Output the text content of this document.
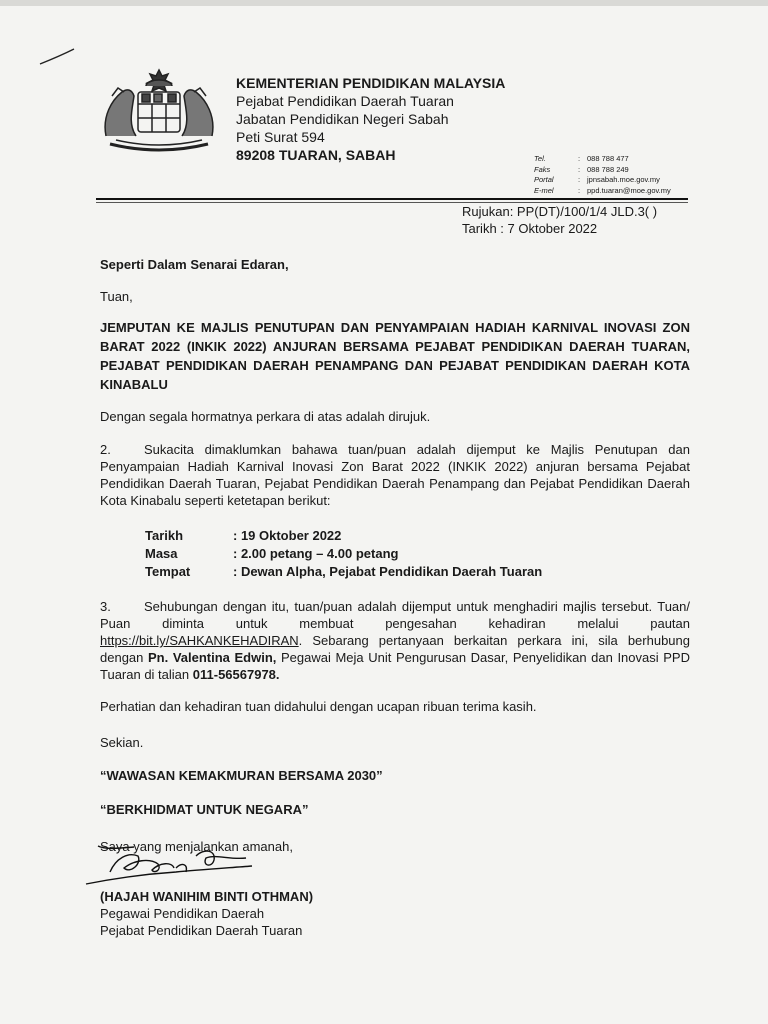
KEMENTERIAN PENDIDIKAN MALAYSIA
Pejabat Pendidikan Daerah Tuaran
Jabatan Pendidikan Negeri Sabah
Peti Surat 594
89208 TUARAN, SABAH	Tel.	: 088 788 477
Faks	: 088 788 249
Portal	: jpnsabah.moe.gov.my
E-mel	: ppd.tuaran@moe.gov.my
Rujukan: PP(DT)/100/1/4 JLD.3( )
Tarikh : 7 Oktober 2022
Seperti Dalam Senarai Edaran,
Tuan,
JEMPUTAN KE MAJLIS PENUTUPAN DAN PENYAMPAIAN HADIAH KARNIVAL INOVASI ZON BARAT 2022 (INKIK 2022) ANJURAN BERSAMA PEJABAT PENDIDIKAN DAERAH TUARAN, PEJABAT PENDIDIKAN DAERAH PENAMPANG DAN PEJABAT PENDIDIKAN DAERAH KOTA KINABALU
Dengan segala hormatnya perkara di atas adalah dirujuk.
2.	Sukacita dimaklumkan bahawa tuan/puan adalah dijemput ke Majlis Penutupan dan Penyampaian Hadiah Karnival Inovasi Zon Barat 2022 (INKIK 2022) anjuran bersama Pejabat Pendidikan Daerah Tuaran, Pejabat Pendidikan Daerah Penampang dan Pejabat Pendidikan Daerah Kota Kinabalu seperti ketetapan berikut:
Tarikh	: 19 Oktober 2022
Masa	: 2.00 petang – 4.00 petang
Tempat	: Dewan Alpha, Pejabat Pendidikan Daerah Tuaran
3.	Sehubungan dengan itu, tuan/puan adalah dijemput untuk menghadiri majlis tersebut. Tuan/ Puan diminta untuk membuat pengesahan kehadiran melalui pautan https://bit.ly/SAHKANKEHADIRAN. Sebarang pertanyaan berkaitan perkara ini, sila berhubung dengan Pn. Valentina Edwin, Pegawai Meja Unit Pengurusan Dasar, Penyelidikan dan Inovasi PPD Tuaran di talian 011-56567978.
Perhatian dan kehadiran tuan didahului dengan ucapan ribuan terima kasih.
Sekian.
“WAWASAN KEMAKMURAN BERSAMA 2030”
“BERKHIDMAT UNTUK NEGARA”
Saya yang menjalankan amanah,
(HAJAH WANIHIM BINTI OTHMAN)
Pegawai Pendidikan Daerah
Pejabat Pendidikan Daerah Tuaran
